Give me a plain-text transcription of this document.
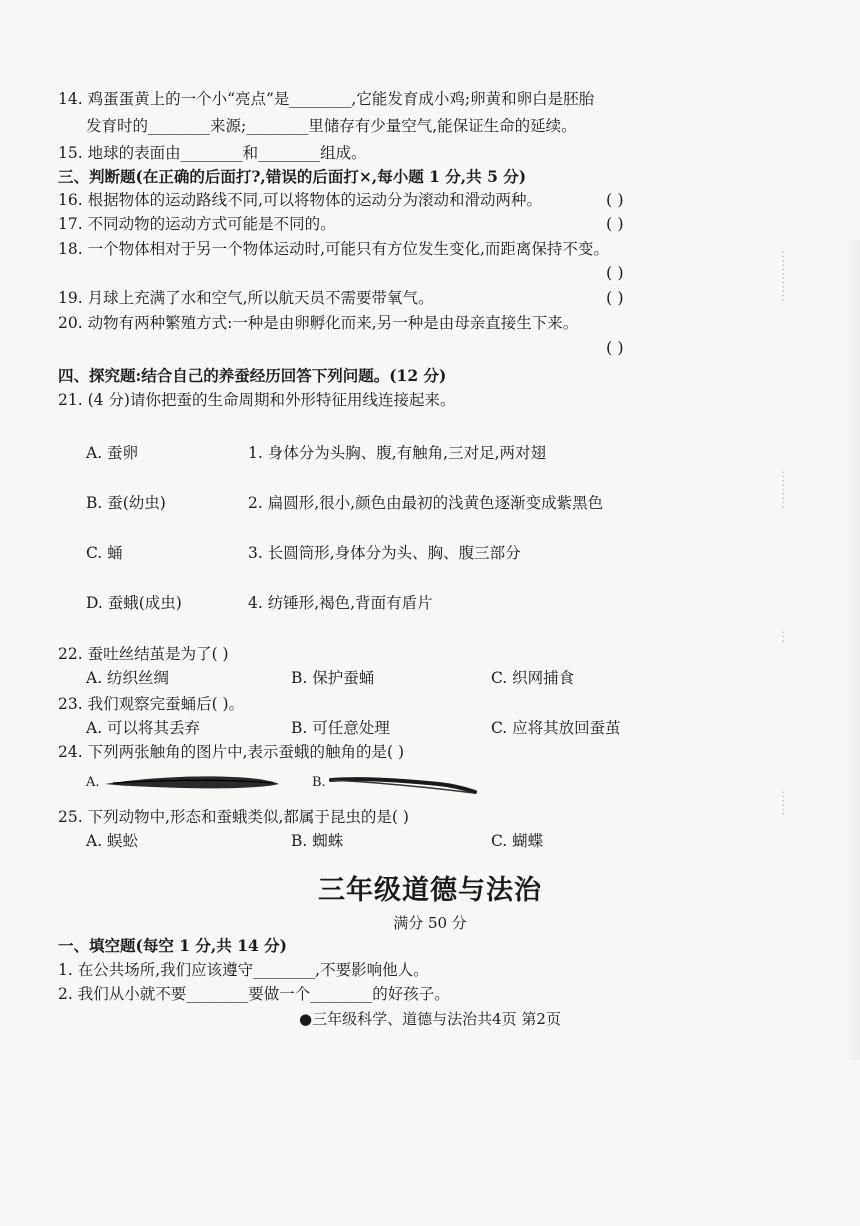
⋯⋯⋯⋯
⋯⋯⋯
⋯
⋯⋯
14. 鸡蛋蛋黄上的一个小“亮点”是________,它能发育成小鸡;卵黄和卵白是胚胎
发育时的________来源;________里储存有少量空气,能保证生命的延续。
15. 地球的表面由________和________组成。
三、判断题(在正确的后面打?,错误的后面打×,每小题 1 分,共 5 分)
16. 根据物体的运动路线不同,可以将物体的运动分为滚动和滑动两种。	( )
17. 不同动物的运动方式可能是不同的。	( )
18. 一个物体相对于另一个物体运动时,可能只有方位发生变化,而距离保持不变。
( )
19. 月球上充满了水和空气,所以航天员不需要带氧气。	( )
20. 动物有两种繁殖方式:一种是由卵孵化而来,另一种是由母亲直接生下来。
( )
四、探究题:结合自己的养蚕经历回答下列问题。(12 分)
21. (4 分)请你把蚕的生命周期和外形特征用线连接起来。
A. 蚕卵	1. 身体分为头胸、腹,有触角,三对足,两对翅
B. 蚕(幼虫)	2. 扁圆形,很小,颜色由最初的浅黄色逐渐变成紫黑色
C. 蛹	3. 长圆筒形,身体分为头、胸、腹三部分
D. 蚕蛾(成虫)	4. 纺锤形,褐色,背面有盾片
22. 蚕吐丝结茧是为了( )
A. 纺织丝绸	B. 保护蚕蛹	C. 织网捕食
23. 我们观察完蚕蛹后( )。
A. 可以将其丢弃	B. 可任意处理	C. 应将其放回蚕茧
24. 下列两张触角的图片中,表示蚕蛾的触角的是( )
A.	B.
25. 下列动物中,形态和蚕蛾类似,都属于昆虫的是( )
A. 蜈蚣	B. 蜘蛛	C. 蝴蝶
三年级道德与法治
满分 50 分
一、填空题(每空 1 分,共 14 分)
1. 在公共场所,我们应该遵守________,不要影响他人。
2. 我们从小就不要________要做一个________的好孩子。
●三年级科学、道德与法治共4页 第2页
